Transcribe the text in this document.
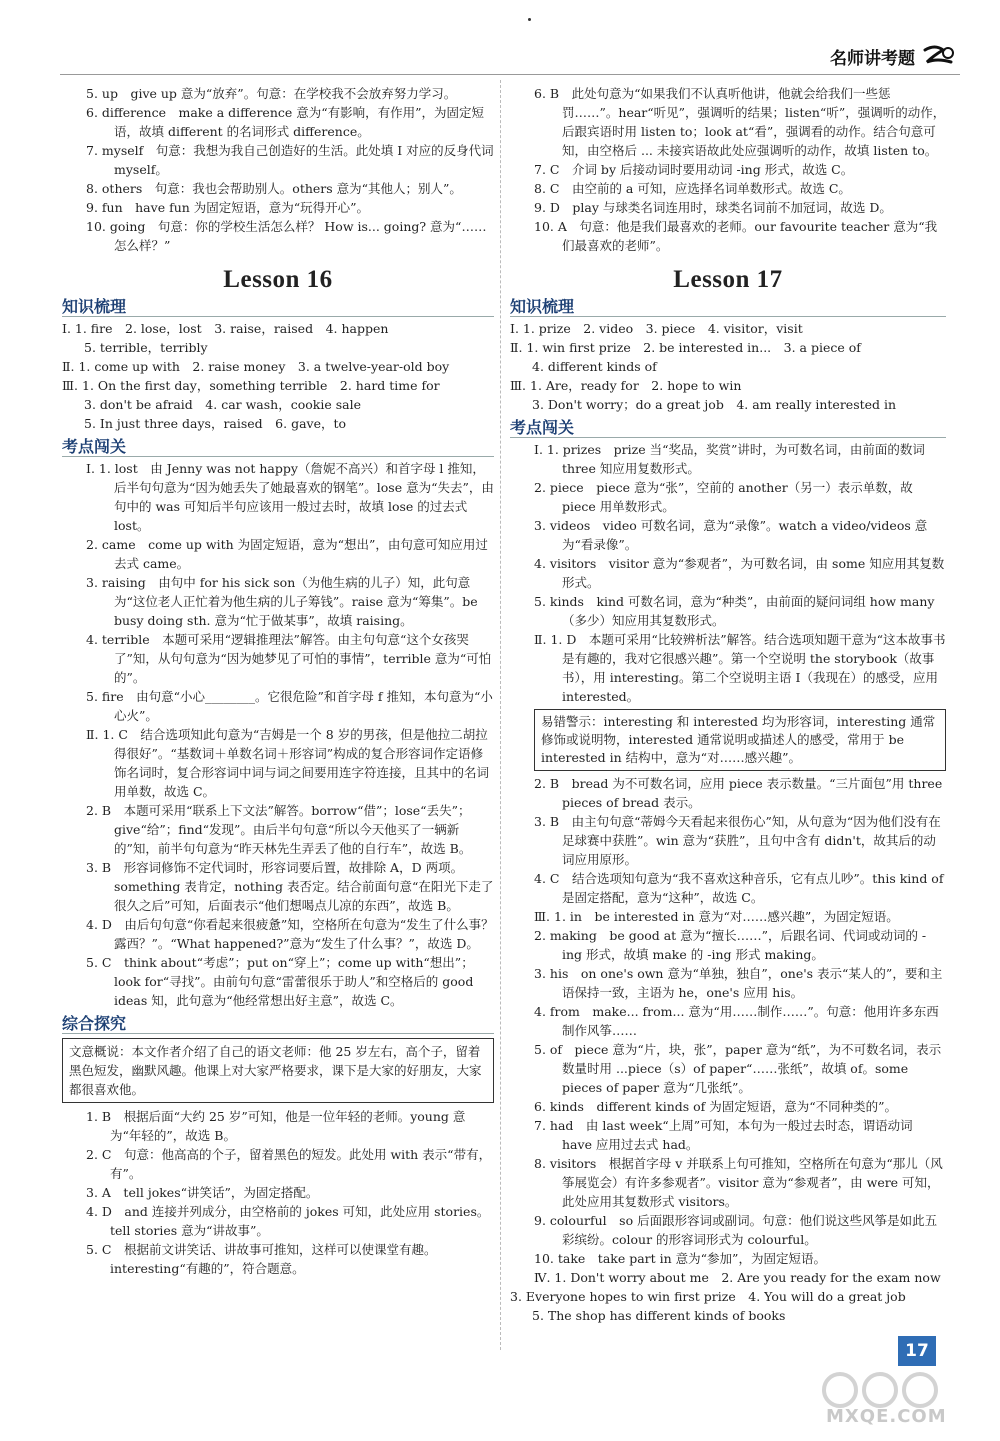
名师讲考题

5. up　give up 意为“放弃”。句意：在学校我不会放弃努力学习。

6. difference　make a difference 意为“有影响，有作用”，为固定短语，故填 different 的名词形式 difference。

7. myself　句意：我想为我自己创造好的生活。此处填 I 对应的反身代词 myself。

8. others　句意：我也会帮助别人。others 意为“其他人；别人”。

9. fun　have fun 为固定短语，意为“玩得开心”。

10. going　句意：你的学校生活怎么样？ How is... going? 意为“……怎么样？”

Lesson 16
知识梳理

Ⅰ. 1. fire　2. lose，lost　3. raise，raised　4. happen

5. terrible，terribly

Ⅱ. 1. come up with　2. raise money　3. a twelve-year-old boy

Ⅲ. 1. On the first day，something terrible　2. hard time for

3. don't be afraid　4. car wash，cookie sale

5. In just three days，raised　6. gave，to

考点闯关

Ⅰ. 1. lost　由 Jenny was not happy（詹妮不高兴）和首字母 l 推知，后半句句意为“因为她丢失了她最喜欢的钢笔”。lose 意为“失去”，由句中的 was 可知后半句应该用一般过去时，故填 lose 的过去式 lost。

2. came　come up with 为固定短语，意为“想出”，由句意可知应用过去式 came。

3. raising　由句中 for his sick son（为他生病的儿子）知，此句意为“这位老人正忙着为他生病的儿子筹钱”。raise 意为“筹集”。be busy doing sth. 意为“忙于做某事”，故填 raising。

4. terrible　本题可采用“逻辑推理法”解答。由主句句意“这个女孩哭了”知，从句句意为“因为她梦见了可怕的事情”，terrible 意为“可怕的”。

5. fire　由句意“小心________。它很危险”和首字母 f 推知，本句意为“小心火”。

Ⅱ. 1. C　结合选项知此句意为“吉姆是一个 8 岁的男孩，但是他拉二胡拉得很好”。“基数词＋单数名词＋形容词”构成的复合形容词作定语修饰名词时，复合形容词中词与词之间要用连字符连接，且其中的名词用单数，故选 C。

2. B　本题可采用“联系上下文法”解答。borrow“借”；lose“丢失”；give“给”；find“发现”。由后半句句意“所以今天他买了一辆新的”知，前半句句意为“昨天林先生弄丢了他的自行车”，故选 B。

3. B　形容词修饰不定代词时，形容词要后置，故排除 A，D 两项。something 表肯定，nothing 表否定。结合前面句意“在阳光下走了很久之后”可知，后面表示“他们想喝点儿凉的东西”，故选 B。

4. D　由后句句意“你看起来很疲惫”知，空格所在句意为“发生了什么事？露西？”。“What happened?”意为“发生了什么事？”，故选 D。

5. C　think about“考虑”；put on“穿上”；come up with“想出”；look for“寻找”。由前句句意“雷蕾很乐于助人”和空格后的 good ideas 知，此句意为“他经常想出好主意”，故选 C。

综合探究
文意概说：本文作者介绍了自己的语文老师：他 25 岁左右，高个子，留着黑色短发，幽默风趣。他课上对大家严格要求，课下是大家的好朋友，大家都很喜欢他。

1. B　根据后面“大约 25 岁”可知，他是一位年轻的老师。young 意为“年轻的”，故选 B。

2. C　句意：他高高的个子，留着黑色的短发。此处用 with 表示“带有，有”。

3. A　tell jokes“讲笑话”，为固定搭配。

4. D　and 连接并列成分，由空格前的 jokes 可知，此处应用 stories。tell stories 意为“讲故事”。

5. C　根据前文讲笑话、讲故事可推知，这样可以使课堂有趣。interesting“有趣的”，符合题意。

6. B　此处句意为“如果我们不认真听他讲，他就会给我们一些惩罚……”。hear“听见”，强调听的结果；listen“听”，强调听的动作，后跟宾语时用 listen to；look at“看”，强调看的动作。结合句意可知，由空格后 ... 未接宾语故此处应强调听的动作，故填 listen to。

7. C　介词 by 后接动词时要用动词 -ing 形式，故选 C。

8. C　由空前的 a 可知，应选择名词单数形式。故选 C。

9. D　play 与球类名词连用时，球类名词前不加冠词，故选 D。

10. A　句意：他是我们最喜欢的老师。our favourite teacher 意为“我们最喜欢的老师”。

Lesson 17
知识梳理

Ⅰ. 1. prize　2. video　3. piece　4. visitor，visit

Ⅱ. 1. win first prize　2. be interested in...　3. a piece of

4. different kinds of

Ⅲ. 1. Are，ready for　2. hope to win

3. Don't worry；do a great job　4. am really interested in

考点闯关

Ⅰ. 1. prizes　prize 当“奖品，奖赏”讲时，为可数名词，由前面的数词 three 知应用复数形式。

2. piece　piece 意为“张”，空前的 another（另一）表示单数，故 piece 用单数形式。

3. videos　video 可数名词，意为“录像”。watch a video/videos 意为“看录像”。

4. visitors　visitor 意为“参观者”，为可数名词，由 some 知应用其复数形式。

5. kinds　kind 可数名词，意为“种类”，由前面的疑问词组 how many（多少）知应用其复数形式。

Ⅱ. 1. D　本题可采用“比较辨析法”解答。结合选项知题干意为“这本故事书是有趣的，我对它很感兴趣”。第一个空说明 the storybook（故事书），用 interesting。第二个空说明主语 I（我现在）的感受，应用 interested。

易错警示：interesting 和 interested 均为形容词，interesting 通常修饰或说明物，interested 通常说明或描述人的感受，常用于 be interested in 结构中，意为“对……感兴趣”。

2. B　bread 为不可数名词，应用 piece 表示数量。“三片面包”用 three pieces of bread 表示。

3. B　由主句句意“蒂姆今天看起来很伤心”知，从句意为“因为他们没有在足球赛中获胜”。win 意为“获胜”，且句中含有 didn't，故其后的动词应用原形。

4. C　结合选项知句意为“我不喜欢这种音乐，它有点儿吵”。this kind of 是固定搭配，意为“这种”，故选 C。

Ⅲ. 1. in　be interested in 意为“对……感兴趣”，为固定短语。

2. making　be good at 意为“擅长……”，后跟名词、代词或动词的 -ing 形式，故填 make 的 -ing 形式 making。

3. his　on one's own 意为“单独，独自”，one's 表示“某人的”，要和主语保持一致，主语为 he，one's 应用 his。

4. from　make... from... 意为“用……制作……”。句意：他用许多东西制作风筝……

5. of　piece 意为“片，块，张”，paper 意为“纸”，为不可数名词，表示数量时用 ...piece（s）of paper“……张纸”，故填 of。some pieces of paper 意为“几张纸”。

6. kinds　different kinds of 为固定短语，意为“不同种类的”。

7. had　由 last week“上周”可知，本句为一般过去时态，谓语动词 have 应用过去式 had。

8. visitors　根据首字母 v 并联系上句可推知，空格所在句意为“那儿（风筝展览会）有许多参观者”。visitor 意为“参观者”，由 were 可知，此处应用其复数形式 visitors。

9. colourful　so 后面跟形容词或副词。句意：他们说这些风筝是如此五彩缤纷。colour 的形容词形式为 colourful。

10. take　take part in 意为“参加”，为固定短语。

Ⅳ. 1. Don't worry about me　2. Are you ready for the exam now

3. Everyone hopes to win first prize　4. You will do a great job

5. The shop has different kinds of books

17
MXQE.COM
